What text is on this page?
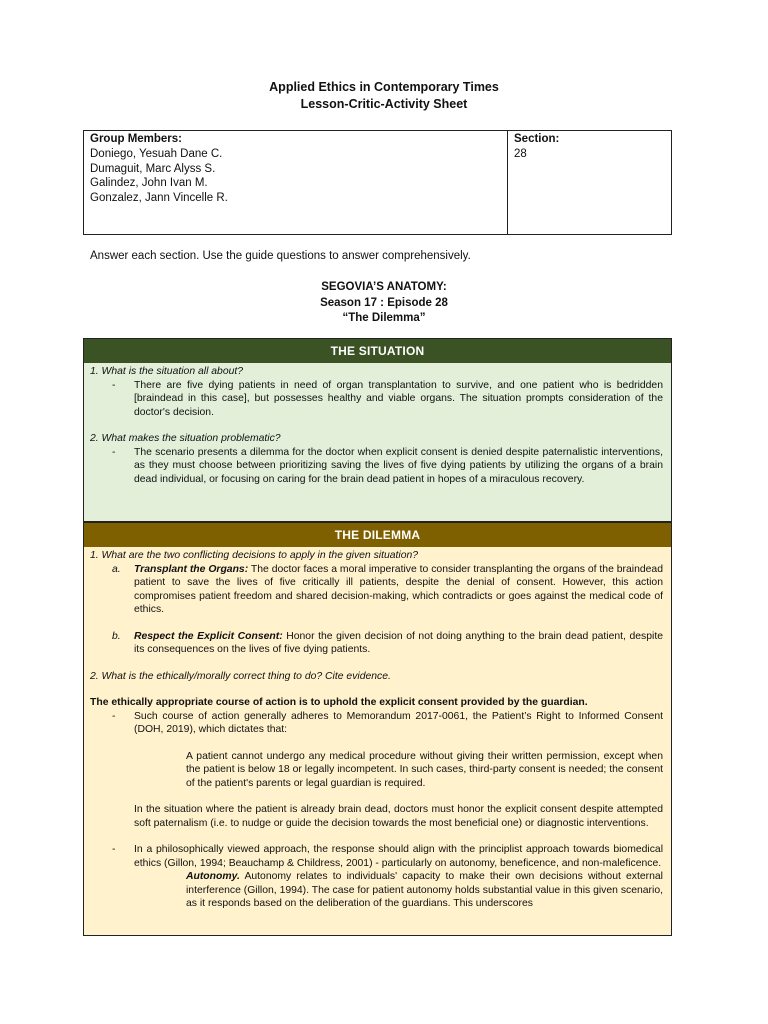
Applied Ethics in Contemporary Times
Lesson-Critic-Activity Sheet
Group Members:
Doniego, Yesuah Dane C.
Dumaguit, Marc Alyss S.
Galindez, John Ivan M.
Gonzalez, Jann Vincelle R.
Section:
28
Answer each section. Use the guide questions to answer comprehensively.
SEGOVIA’S ANATOMY:
Season 17 : Episode 28
“The Dilemma”
THE SITUATION

1. What is the situation all about?

-	There are five dying patients in need of organ transplantation to survive, and one patient who is bedridden [braindead in this case], but possesses healthy and viable organs. The situation prompts consideration of the doctor's decision.

2. What makes the situation problematic?

-	The scenario presents a dilemma for the doctor when explicit consent is denied despite paternalistic interventions, as they must choose between prioritizing saving the lives of five dying patients by utilizing the organs of a brain dead individual, or focusing on caring for the brain dead patient in hopes of a miraculous recovery.
THE DILEMMA

1. What are the two conflicting decisions to apply in the given situation?

a.	Transplant the Organs: The doctor faces a moral imperative to consider transplanting the organs of the braindead patient to save the lives of five critically ill patients, despite the denial of consent. However, this action compromises patient freedom and shared decision-making, which contradicts or goes against the medical code of ethics.
b.	Respect the Explicit Consent: Honor the given decision of not doing anything to the brain dead patient, despite its consequences on the lives of five dying patients.

2. What is the ethically/morally correct thing to do? Cite evidence.

The ethically appropriate course of action is to uphold the explicit consent provided by the guardian.
-	Such course of action generally adheres to Memorandum 2017-0061, the Patient’s Right to Informed Consent (DOH, 2019), which dictates that:
A patient cannot undergo any medical procedure without giving their written permission, except when the patient is below 18 or legally incompetent. In such cases, third-party consent is needed; the consent of the patient's parents or legal guardian is required.
In the situation where the patient is already brain dead, doctors must honor the explicit consent despite attempted soft paternalism (i.e. to nudge or guide the decision towards the most beneficial one) or diagnostic interventions.
-	In a philosophically viewed approach, the response should align with the principlist approach towards biomedical ethics (Gillon, 1994; Beauchamp & Childress, 2001) - particularly on autonomy, beneficence, and non-maleficence.
Autonomy. Autonomy relates to individuals' capacity to make their own decisions without external interference (Gillon, 1994). The case for patient autonomy holds substantial value in this given scenario, as it responds based on the deliberation of the guardians. This underscores
